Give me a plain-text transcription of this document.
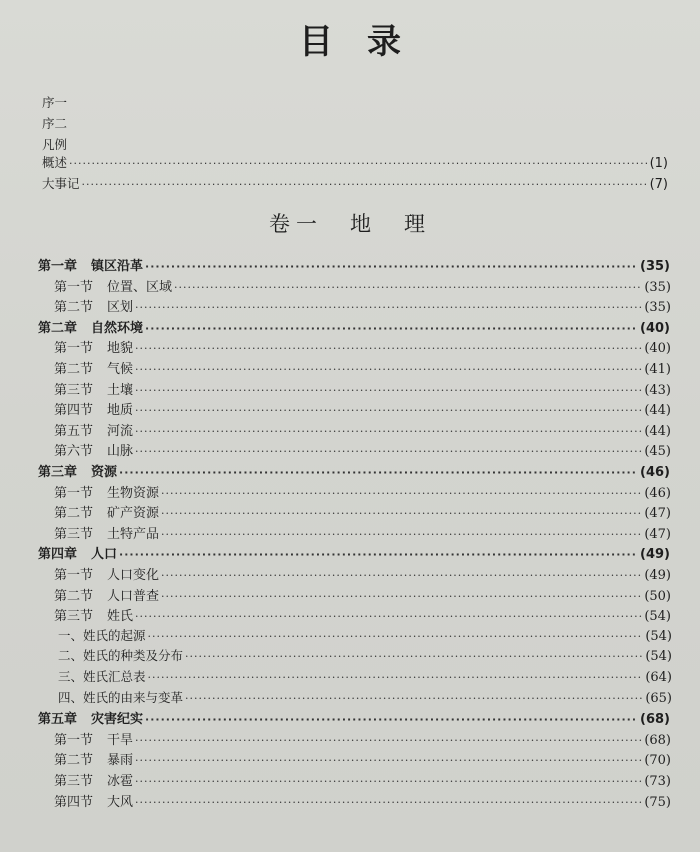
目录
序一
序二
凡例
概述 ·····	(1)
大事记 ·····	(7)
卷一　地　理
第一章 镇区沿革 ·····	(35)
第一节 位置、区域 ·····	(35)
第二节 区划 ·····	(35)
第二章 自然环境 ·····	(40)
第一节 地貌 ·····	(40)
第二节 气候 ·····	(41)
第三节 土壤 ·····	(43)
第四节 地质 ·····	(44)
第五节 河流 ·····	(44)
第六节 山脉 ·····	(45)
第三章 资源 ·····	(46)
第一节 生物资源 ·····	(46)
第二节 矿产资源 ·····	(47)
第三节 土特产品 ·····	(47)
第四章 人口 ·····	(49)
第一节 人口变化 ·····	(49)
第二节 人口普查 ·····	(50)
第三节 姓氏 ·····	(54)
一、姓氏的起源 ·····	(54)
二、姓氏的种类及分布 ·····	(54)
三、姓氏汇总表 ·····	(64)
四、姓氏的由来与变革 ·····	(65)
第五章 灾害纪实 ·····	(68)
第一节 干旱 ·····	(68)
第二节 暴雨 ·····	(70)
第三节 冰雹 ·····	(73)
第四节 大风 ·····	(75)
